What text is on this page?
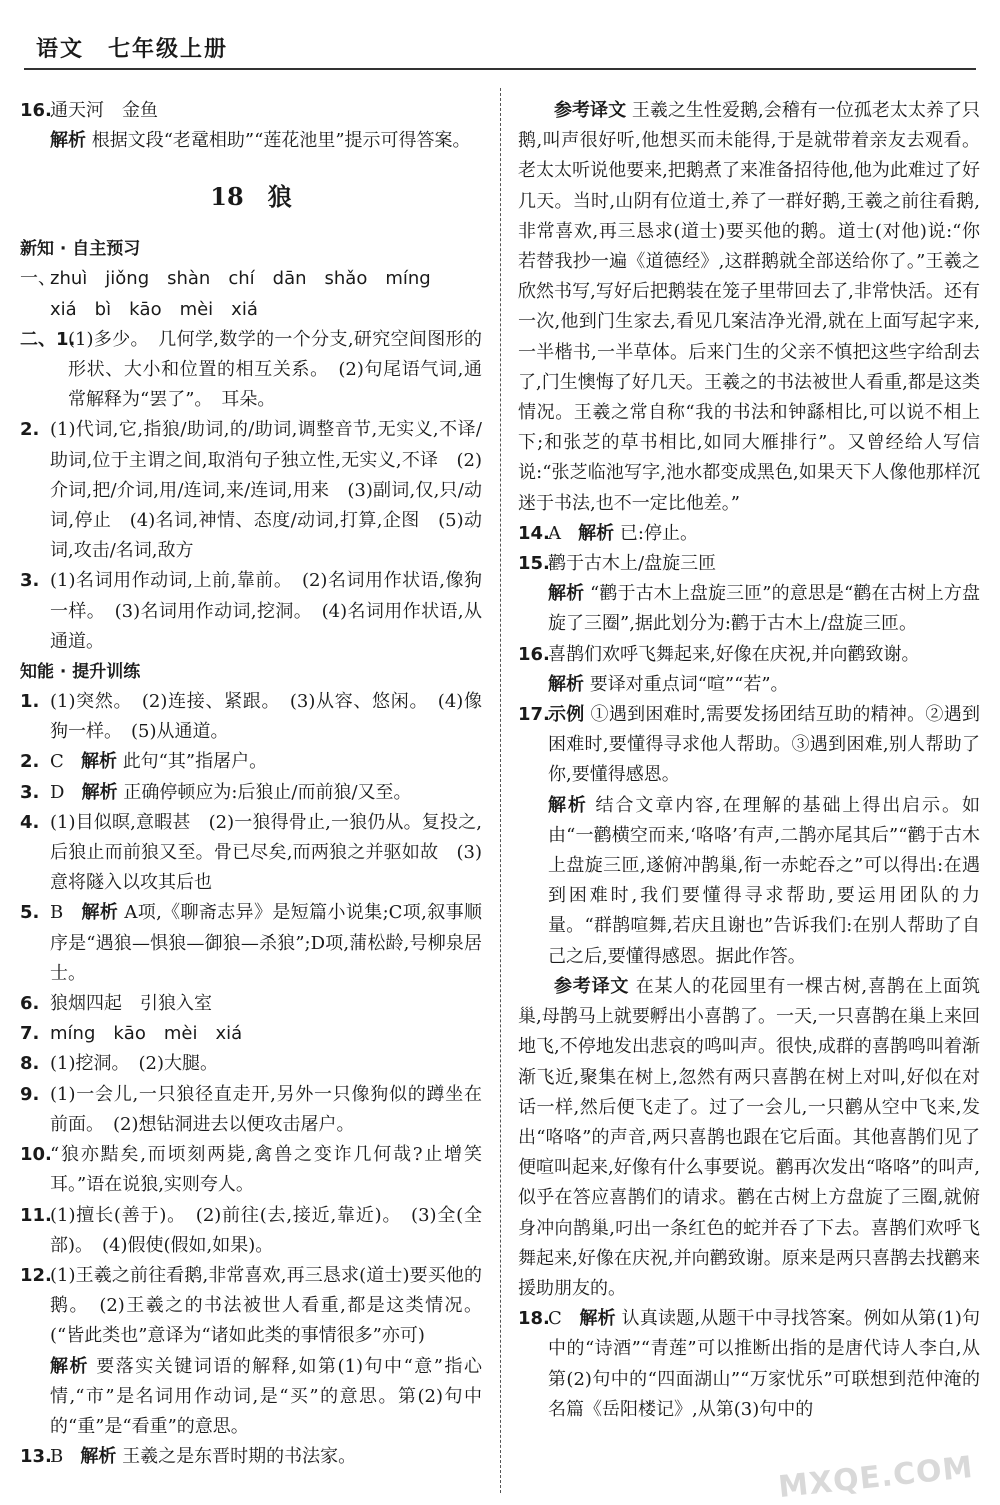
语文　七年级上册
16.
通天河　金鱼
解析 根据文段“老鼋相助”“莲花池里”提示可得答案。
18　狼
新知 · 自主预习
一、
zhuì　jiǒng　shàn　chí　dān　shǎo　míng
xiá　bì　kāo　mèi　xiá
二、1.
(1)多少。　几何学,数学的一个分支,研究空间图形的形状、大小和位置的相互关系。　(2)句尾语气词,通常解释为“罢了”。　耳朵。
2. (1)代词,它,指狼/助词,的/助词,调整音节,无实义,不译/助词,位于主谓之间,取消句子独立性,无实义,不译　(2)介词,把/介词,用/连词,来/连词,用来　(3)副词,仅,只/动词,停止　(4)名词,神情、态度/动词,打算,企图　(5)动词,攻击/名词,敌方
3. (1)名词用作动词,上前,靠前。　(2)名词用作状语,像狗一样。　(3)名词用作动词,挖洞。　(4)名词用作状语,从通道。
知能 · 提升训练
1. (1)突然。　(2)连接、紧跟。　(3)从容、悠闲。　(4)像狗一样。　(5)从通道。
2. C 解析 此句“其”指屠户。
3. D 解析 正确停顿应为:后狼止/而前狼/又至。
4. (1)目似暝,意暇甚　(2)一狼得骨止,一狼仍从。复投之,后狼止而前狼又至。骨已尽矣,而两狼之并驱如故　(3)意将隧入以攻其后也
5. B 解析 A项,《聊斋志异》是短篇小说集;C项,叙事顺序是“遇狼—惧狼—御狼—杀狼”;D项,蒲松龄,号柳泉居士。
6. 狼烟四起　引狼入室
7. míng　kāo　mèi　xiá
8. (1)挖洞。　(2)大腿。
9. (1)一会儿,一只狼径直走开,另外一只像狗似的蹲坐在前面。　(2)想钻洞进去以便攻击屠户。
10.
“狼亦黠矣,而顷刻两毙,禽兽之变诈几何哉?止增笑耳。”语在说狼,实则夸人。
11.
(1)擅长(善于)。　(2)前往(去,接近,靠近)。　(3)全(全部)。　(4)假使(假如,如果)。
12.
(1)王羲之前往看鹅,非常喜欢,再三恳求(道士)要买他的鹅。　(2)王羲之的书法被世人看重,都是这类情况。(“皆此类也”意译为“诸如此类的事情很多”亦可)
解析 要落实关键词语的解释,如第(1)句中“意”指心情,“市”是名词用作动词,是“买”的意思。第(2)句中的“重”是“看重”的意思。
13.
B 解析 王羲之是东晋时期的书法家。
参考译文 王羲之生性爱鹅,会稽有一位孤老太太养了只鹅,叫声很好听,他想买而未能得,于是就带着亲友去观看。老太太听说他要来,把鹅煮了来准备招待他,他为此难过了好几天。当时,山阴有位道士,养了一群好鹅,王羲之前往看鹅,非常喜欢,再三恳求(道士)要买他的鹅。道士(对他)说:“你若替我抄一遍《道德经》,这群鹅就全部送给你了。”王羲之欣然书写,写好后把鹅装在笼子里带回去了,非常快活。还有一次,他到门生家去,看见几案洁净光滑,就在上面写起字来,一半楷书,一半草体。后来门生的父亲不慎把这些字给刮去了,门生懊悔了好几天。王羲之的书法被世人看重,都是这类情况。王羲之常自称“我的书法和钟繇相比,可以说不相上下;和张芝的草书相比,如同大雁排行”。又曾经给人写信说:“张芝临池写字,池水都变成黑色,如果天下人像他那样沉迷于书法,也不一定比他差。”
14.
A 解析 已:停止。
15.
鹳于古木上/盘旋三匝
解析 “鹳于古木上盘旋三匝”的意思是“鹳在古树上方盘旋了三圈”,据此划分为:鹳于古木上/盘旋三匝。
16.
喜鹊们欢呼飞舞起来,好像在庆祝,并向鹳致谢。
解析 要译对重点词“喧”“若”。
17.
示例 ①遇到困难时,需要发扬团结互助的精神。②遇到困难时,要懂得寻求他人帮助。③遇到困难,别人帮助了你,要懂得感恩。
解析 结合文章内容,在理解的基础上得出启示。如由“一鹳横空而来,‘咯咯’有声,二鹊亦尾其后”“鹳于古木上盘旋三匝,遂俯冲鹊巢,衔一赤蛇吞之”可以得出:在遇到困难时,我们要懂得寻求帮助,要运用团队的力量。“群鹊喧舞,若庆且谢也”告诉我们:在别人帮助了自己之后,要懂得感恩。据此作答。
参考译文 在某人的花园里有一棵古树,喜鹊在上面筑巢,母鹊马上就要孵出小喜鹊了。一天,一只喜鹊在巢上来回地飞,不停地发出悲哀的鸣叫声。很快,成群的喜鹊鸣叫着渐渐飞近,聚集在树上,忽然有两只喜鹊在树上对叫,好似在对话一样,然后便飞走了。过了一会儿,一只鹳从空中飞来,发出“咯咯”的声音,两只喜鹊也跟在它后面。其他喜鹊们见了便喧叫起来,好像有什么事要说。鹳再次发出“咯咯”的叫声,似乎在答应喜鹊们的请求。鹳在古树上方盘旋了三圈,就俯身冲向鹊巢,叼出一条红色的蛇并吞了下去。喜鹊们欢呼飞舞起来,好像在庆祝,并向鹳致谢。原来是两只喜鹊去找鹳来援助朋友的。
18.
C 解析 认真读题,从题干中寻找答案。例如从第(1)句中的“诗酒”“青莲”可以推断出指的是唐代诗人李白,从第(2)句中的“四面湖山”“万家忧乐”可联想到范仲淹的名篇《岳阳楼记》,从第(3)句中的
MXQE.COM
